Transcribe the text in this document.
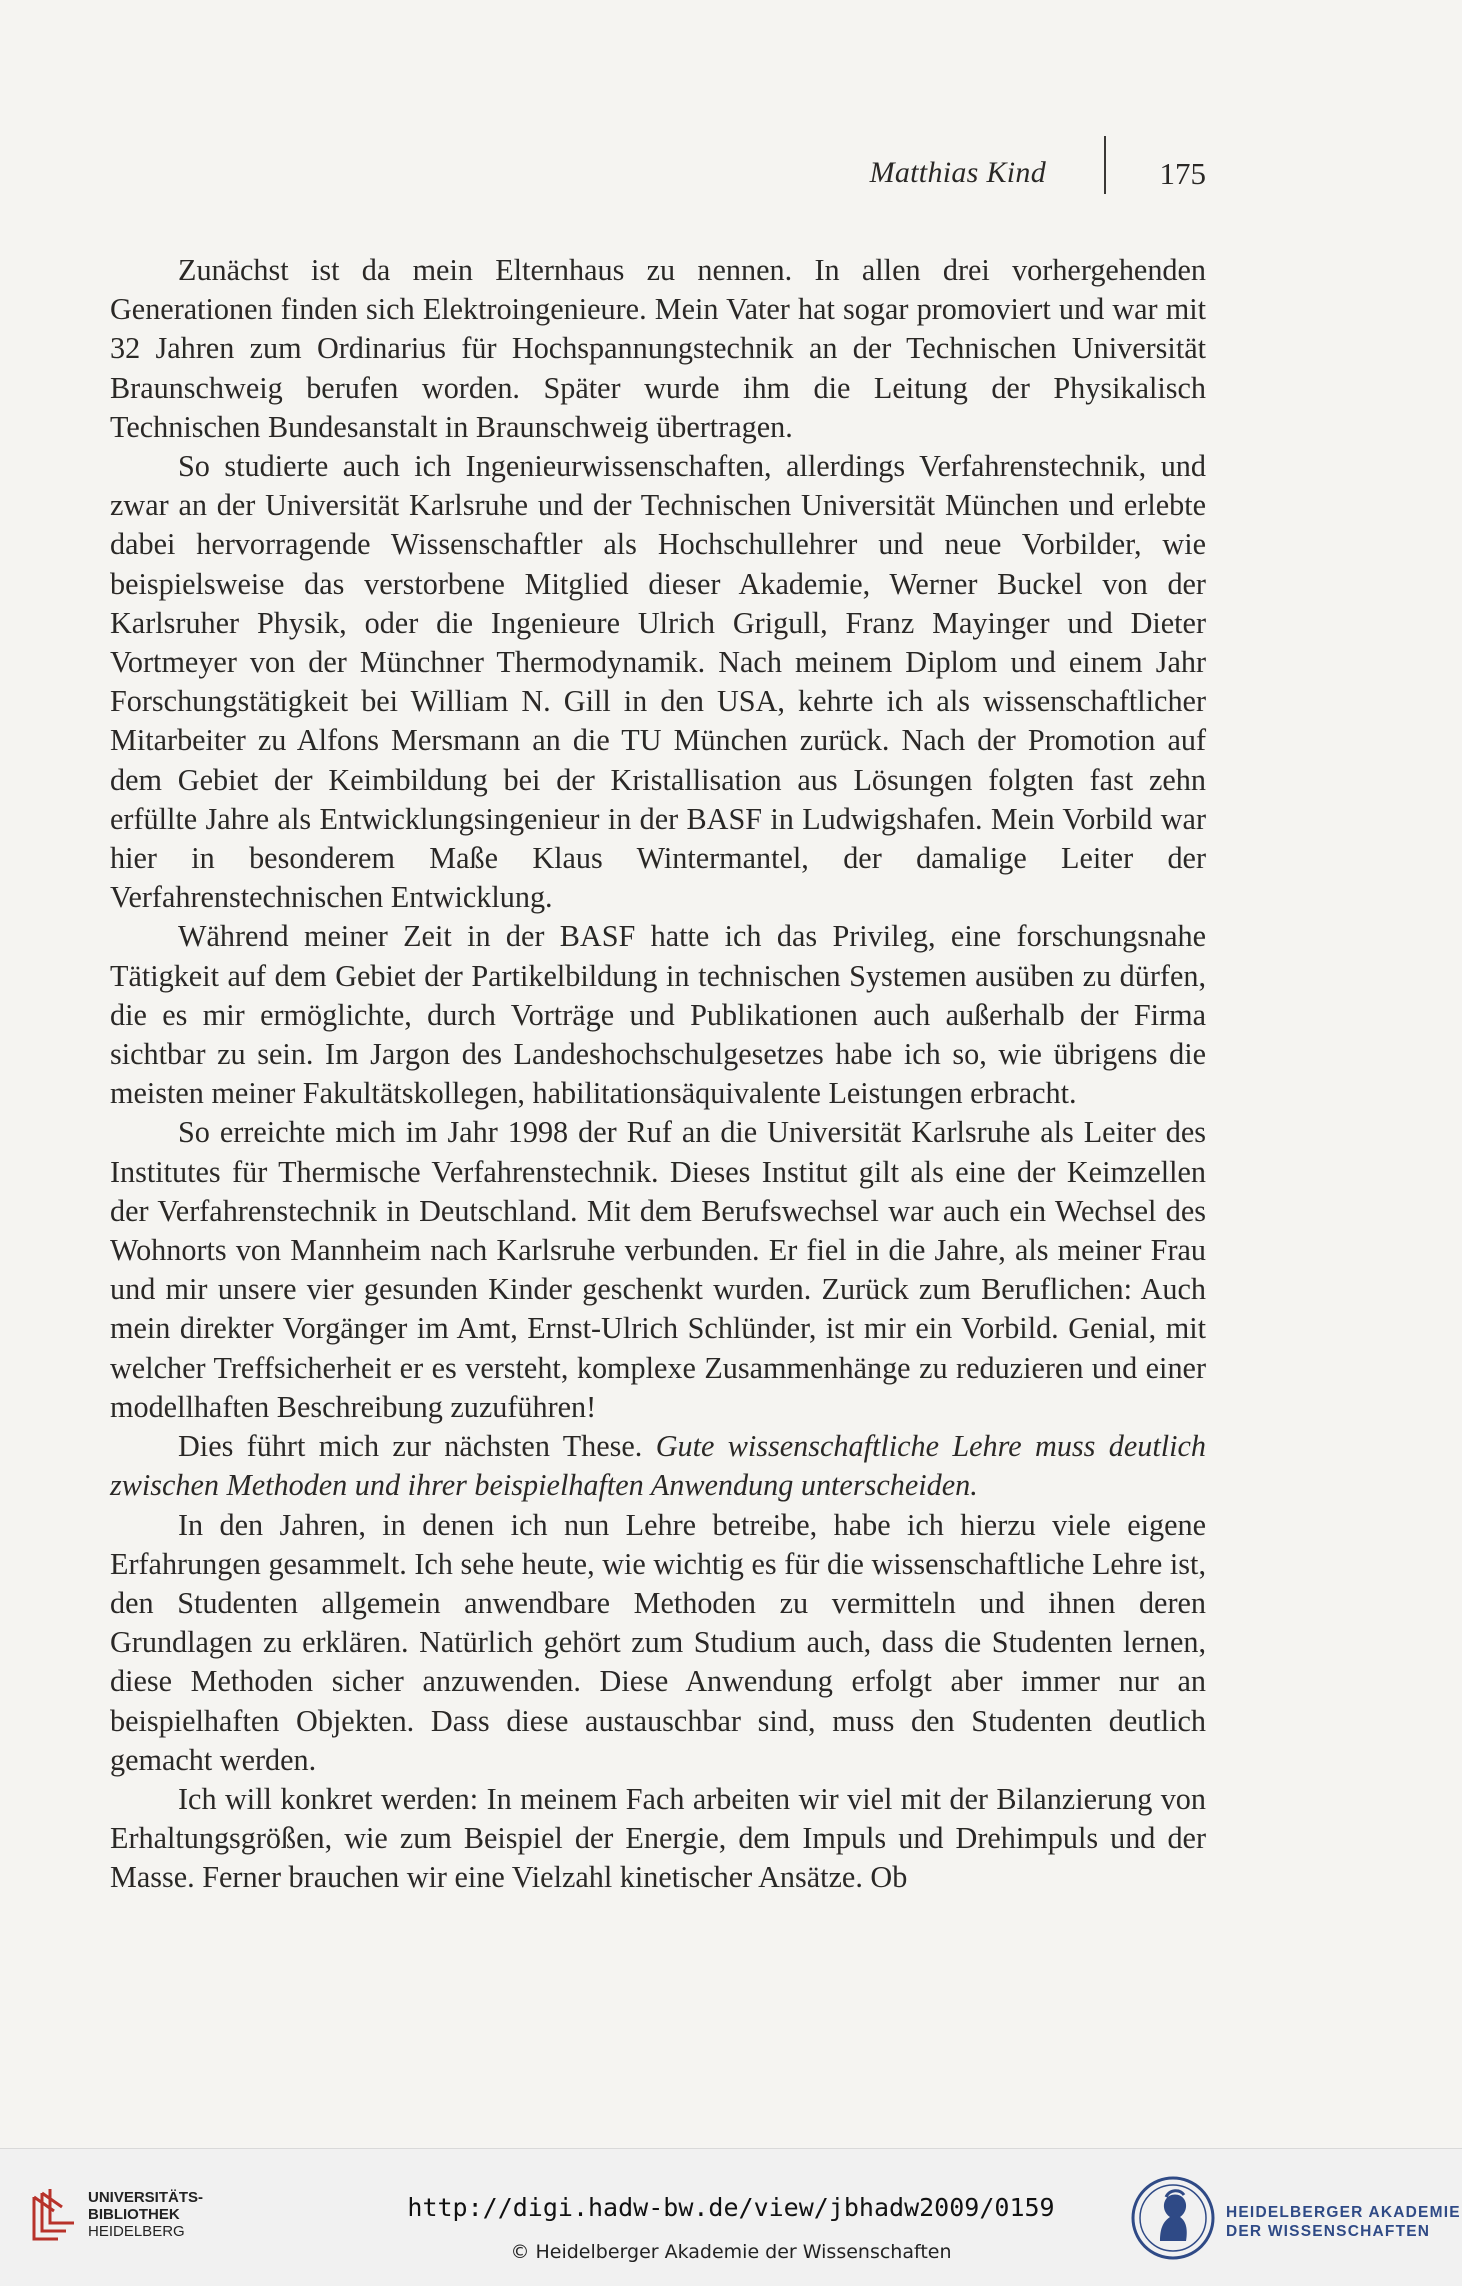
Matthias Kind	175

Zunächst ist da mein Elternhaus zu nennen. In allen drei vorhergehenden Generationen finden sich Elektroingenieure. Mein Vater hat sogar promoviert und war mit 32 Jahren zum Ordinarius für Hochspannungstechnik an der Technischen Universität Braunschweig berufen worden. Später wurde ihm die Leitung der Physikalisch Technischen Bundesanstalt in Braunschweig übertragen.

So studierte auch ich Ingenieurwissenschaften, allerdings Verfahrenstechnik, und zwar an der Universität Karlsruhe und der Technischen Universität München und erlebte dabei hervorragende Wissenschaftler als Hochschullehrer und neue Vorbilder, wie beispielsweise das verstorbene Mitglied dieser Akademie, Werner Buckel von der Karlsruher Physik, oder die Ingenieure Ulrich Grigull, Franz Mayinger und Dieter Vortmeyer von der Münchner Thermodynamik. Nach meinem Diplom und einem Jahr Forschungstätigkeit bei William N. Gill in den USA, kehrte ich als wissenschaftlicher Mitarbeiter zu Alfons Mersmann an die TU München zurück. Nach der Promotion auf dem Gebiet der Keimbildung bei der Kristallisation aus Lösungen folgten fast zehn erfüllte Jahre als Entwicklungsingenieur in der BASF in Ludwigshafen. Mein Vorbild war hier in besonderem Maße Klaus Wintermantel, der damalige Leiter der Verfahrenstechnischen Entwicklung.

Während meiner Zeit in der BASF hatte ich das Privileg, eine forschungsnahe Tätigkeit auf dem Gebiet der Partikelbildung in technischen Systemen ausüben zu dürfen, die es mir ermöglichte, durch Vorträge und Publikationen auch außerhalb der Firma sichtbar zu sein. Im Jargon des Landeshochschulgesetzes habe ich so, wie übrigens die meisten meiner Fakultätskollegen, habilitationsäquivalente Leistungen erbracht.

So erreichte mich im Jahr 1998 der Ruf an die Universität Karlsruhe als Leiter des Institutes für Thermische Verfahrenstechnik. Dieses Institut gilt als eine der Keimzellen der Verfahrenstechnik in Deutschland. Mit dem Berufswechsel war auch ein Wechsel des Wohnorts von Mannheim nach Karlsruhe verbunden. Er fiel in die Jahre, als meiner Frau und mir unsere vier gesunden Kinder geschenkt wurden. Zurück zum Beruflichen: Auch mein direkter Vorgänger im Amt, Ernst-Ulrich Schlünder, ist mir ein Vorbild. Genial, mit welcher Treffsicherheit er es versteht, komplexe Zusammenhänge zu reduzieren und einer modellhaften Beschreibung zuzuführen!

Dies führt mich zur nächsten These. Gute wissenschaftliche Lehre muss deutlich zwischen Methoden und ihrer beispielhaften Anwendung unterscheiden.

In den Jahren, in denen ich nun Lehre betreibe, habe ich hierzu viele eigene Erfahrungen gesammelt. Ich sehe heute, wie wichtig es für die wissenschaftliche Lehre ist, den Studenten allgemein anwendbare Methoden zu vermitteln und ihnen deren Grundlagen zu erklären. Natürlich gehört zum Studium auch, dass die Studenten lernen, diese Methoden sicher anzuwenden. Diese Anwendung erfolgt aber immer nur an beispielhaften Objekten. Dass diese austauschbar sind, muss den Studenten deutlich gemacht werden.

Ich will konkret werden: In meinem Fach arbeiten wir viel mit der Bilanzierung von Erhaltungsgrößen, wie zum Beispiel der Energie, dem Impuls und Drehimpuls und der Masse. Ferner brauchen wir eine Vielzahl kinetischer Ansätze. Ob

UNIVERSITÄTS-
BIBLIOTHEK
HEIDELBERG
http://digi.hadw-bw.de/view/jbhadw2009/0159
© Heidelberger Akademie der Wissenschaften
HEIDELBERGER AKADEMIE
DER WISSENSCHAFTEN
